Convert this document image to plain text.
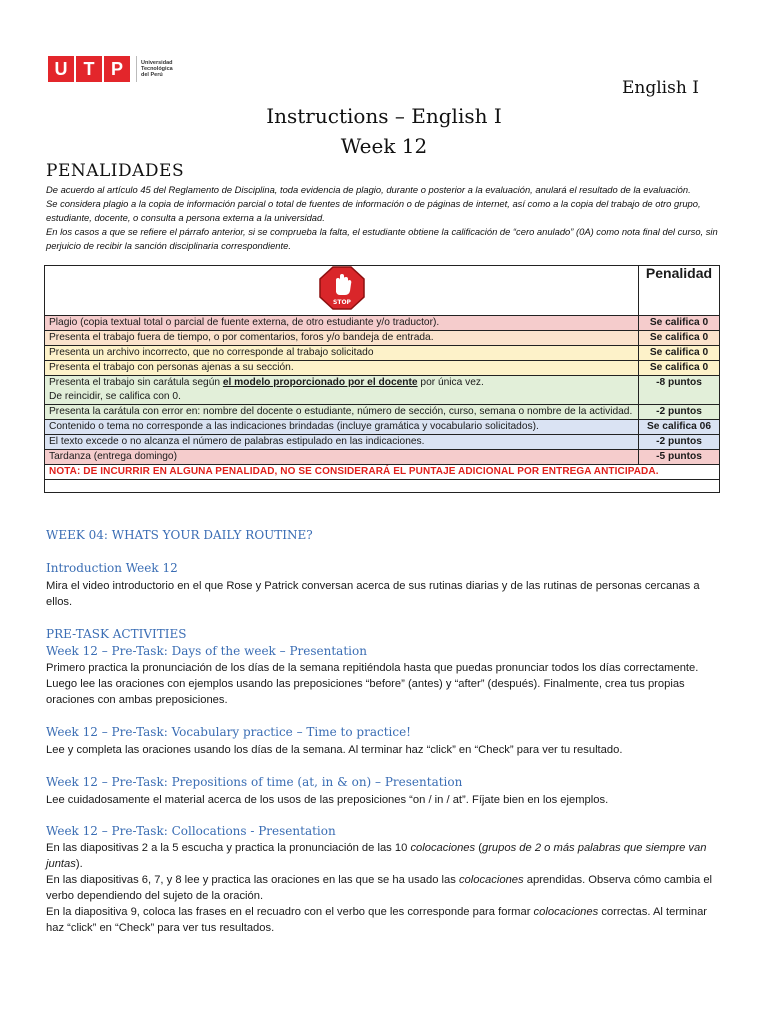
U T P	Universidad
Tecnológica
del Perú
English I
Instructions – English I
Week 12
PENALIDADES
De acuerdo al artículo 45 del Reglamento de Disciplina, toda evidencia de plagio, durante o posterior a la evaluación, anulará el resultado de la evaluación.
Se considera plagio a la copia de información parcial o total de fuentes de información o de páginas de internet, así como a la copia del trabajo de otro grupo, estudiante, docente, o consulta a persona externa a la universidad.
En los casos a que se refiere el párrafo anterior, si se comprueba la falta, el estudiante obtiene la calificación de “cero anulado” (0A) como nota final del curso, sin perjuicio de recibir la sanción disciplinaria correspondiente.
STOP	Penalidad
Plagio (copia textual total o parcial de fuente externa, de otro estudiante y/o traductor).	Se califica 0
Presenta el trabajo fuera de tiempo, o por comentarios, foros y/o bandeja de entrada.	Se califica 0
Presenta un archivo incorrecto, que no corresponde al trabajo solicitado	Se califica 0
Presenta el trabajo con personas ajenas a su sección.	Se califica 0
Presenta el trabajo sin carátula según el modelo proporcionado por el docente por única vez.
De reincidir, se califica con 0.	-8 puntos
Presenta la carátula con error en: nombre del docente o estudiante, número de sección, curso, semana o nombre de la actividad.	-2 puntos
Contenido o tema no corresponde a las indicaciones brindadas (incluye gramática y vocabulario solicitados).	Se califica 06
El texto excede o no alcanza el número de palabras estipulado en las indicaciones.	-2 puntos
Tardanza (entrega domingo)	-5 puntos
NOTA: DE INCURRIR EN ALGUNA PENALIDAD, NO SE CONSIDERARÁ EL PUNTAJE ADICIONAL POR ENTREGA ANTICIPADA.	

WEEK 04: WHATS YOUR DAILY ROUTINE?
Introduction Week 12
Mira el video introductorio en el que Rose y Patrick conversan acerca de sus rutinas diarias y de las rutinas de personas cercanas a ellos.
PRE-TASK ACTIVITIES
Week 12 – Pre-Task: Days of the week – Presentation
Primero practica la pronunciación de los días de la semana repitiéndola hasta que puedas pronunciar todos los días correctamente. Luego lee las oraciones con ejemplos usando las preposiciones “before” (antes) y “after” (después). Finalmente, crea tus propias oraciones con ambas preposiciones.
Week 12 – Pre-Task: Vocabulary practice – Time to practice!
Lee y completa las oraciones usando los días de la semana. Al terminar haz “click” en “Check” para ver tu resultado.
Week 12 – Pre-Task: Prepositions of time (at, in & on) – Presentation
Lee cuidadosamente el material acerca de los usos de las preposiciones “on / in / at”. Fíjate bien en los ejemplos.
Week 12 – Pre-Task: Collocations - Presentation
En las diapositivas 2 a la 5 escucha y practica la pronunciación de las 10 colocaciones (grupos de 2 o más palabras que siempre van juntas).
En las diapositivas 6, 7, y 8 lee y practica las oraciones en las que se ha usado las colocaciones aprendidas. Observa cómo cambia el verbo dependiendo del sujeto de la oración.
En la diapositiva 9, coloca las frases en el recuadro con el verbo que les corresponde para formar colocaciones correctas. Al terminar haz “click” en “Check” para ver tus resultados.
